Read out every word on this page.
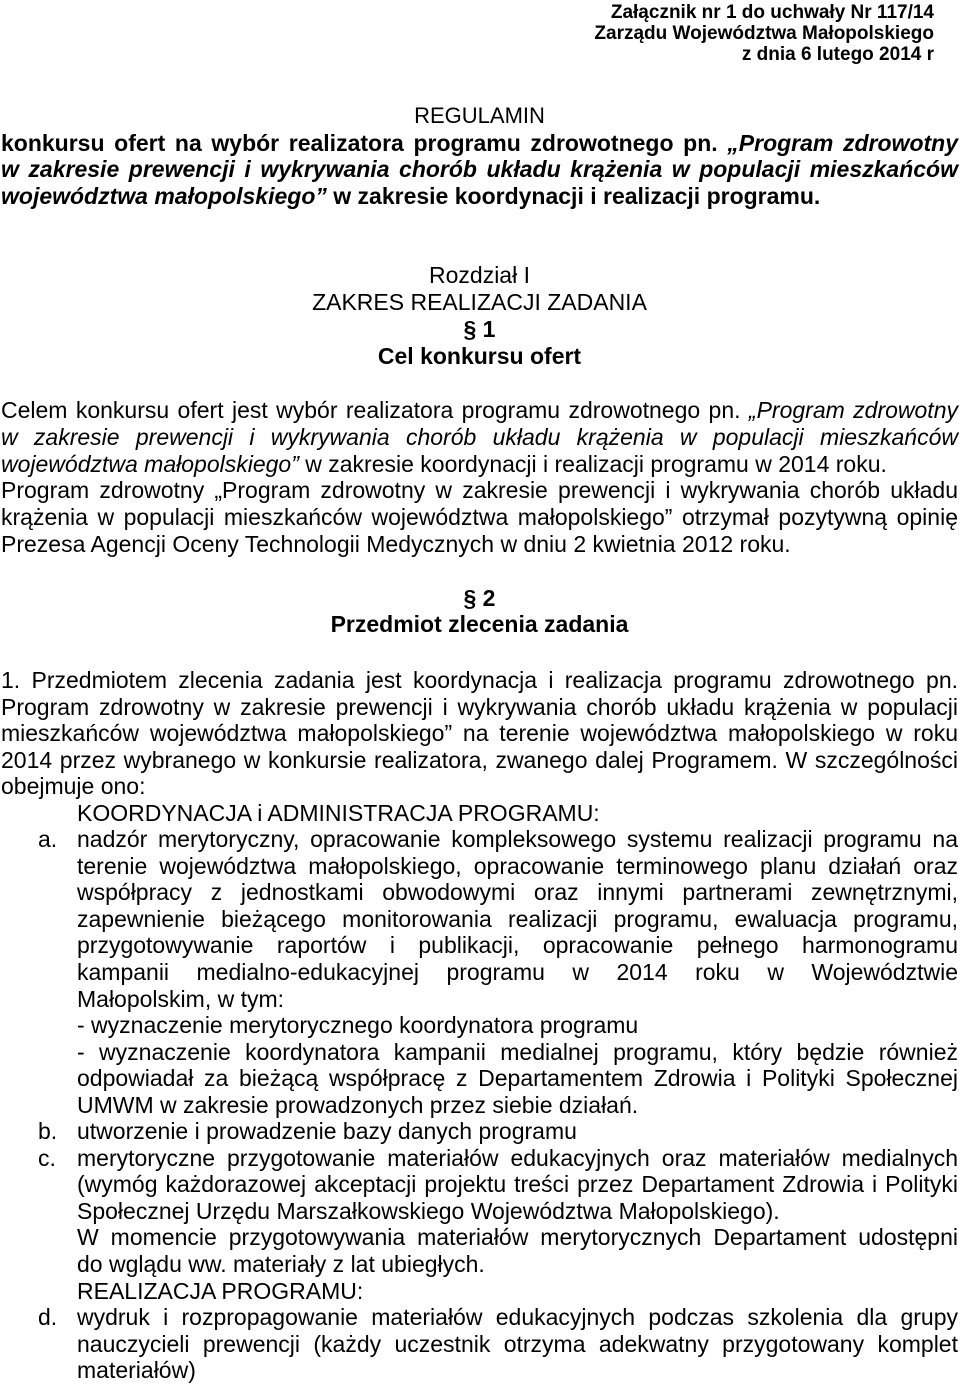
Załącznik nr 1 do uchwały Nr 117/14
Zarządu Województwa Małopolskiego
z dnia 6 lutego 2014 r
REGULAMIN
konkursu ofert na wybór realizatora programu zdrowotnego pn. „Program zdrowotny
w zakresie prewencji i wykrywania chorób układu krążenia w populacji mieszkańców
województwa małopolskiego” w zakresie koordynacji i realizacji programu.
Rozdział I
ZAKRES REALIZACJI ZADANIA
§ 1
Cel konkursu ofert
Celem konkursu ofert jest wybór realizatora programu zdrowotnego pn. „Program zdrowotny
w zakresie prewencji i wykrywania chorób układu krążenia w populacji mieszkańców
województwa małopolskiego” w zakresie koordynacji i realizacji programu w 2014 roku.
Program zdrowotny „Program zdrowotny w zakresie prewencji i wykrywania chorób układu
krążenia w populacji mieszkańców województwa małopolskiego” otrzymał pozytywną opinię
Prezesa Agencji Oceny Technologii Medycznych w dniu 2 kwietnia 2012 roku.
§ 2
Przedmiot zlecenia zadania
1. Przedmiotem zlecenia zadania jest koordynacja i realizacja programu zdrowotnego pn.
Program zdrowotny w zakresie prewencji i wykrywania chorób układu krążenia w populacji
mieszkańców województwa małopolskiego” na terenie województwa małopolskiego w roku
2014 przez wybranego w konkursie realizatora, zwanego dalej Programem. W szczególności
obejmuje ono:
KOORDYNACJA i ADMINISTRACJA PROGRAMU:
a. nadzór merytoryczny, opracowanie kompleksowego systemu realizacji programu na
terenie województwa małopolskiego, opracowanie terminowego planu działań oraz
współpracy z jednostkami obwodowymi oraz innymi partnerami zewnętrznymi,
zapewnienie bieżącego monitorowania realizacji programu, ewaluacja programu,
przygotowywanie raportów i publikacji, opracowanie pełnego harmonogramu
kampanii medialno-edukacyjnej programu w 2014 roku w Województwie
Małopolskim, w tym:
- wyznaczenie merytorycznego koordynatora programu
- wyznaczenie koordynatora kampanii medialnej programu, który będzie również
odpowiadał za bieżącą współpracę z Departamentem Zdrowia i Polityki Społecznej
UMWM w zakresie prowadzonych przez siebie działań.
b. utworzenie i prowadzenie bazy danych programu
c. merytoryczne przygotowanie materiałów edukacyjnych oraz materiałów medialnych
(wymóg każdorazowej akceptacji projektu treści przez Departament Zdrowia i Polityki
Społecznej Urzędu Marszałkowskiego Województwa Małopolskiego).
W momencie przygotowywania materiałów merytorycznych Departament udostępni
do wglądu ww. materiały z lat ubiegłych.
REALIZACJA PROGRAMU:
d. wydruk i rozpropagowanie materiałów edukacyjnych podczas szkolenia dla grupy
nauczycieli prewencji (każdy uczestnik otrzyma adekwatny przygotowany komplet
materiałów)
